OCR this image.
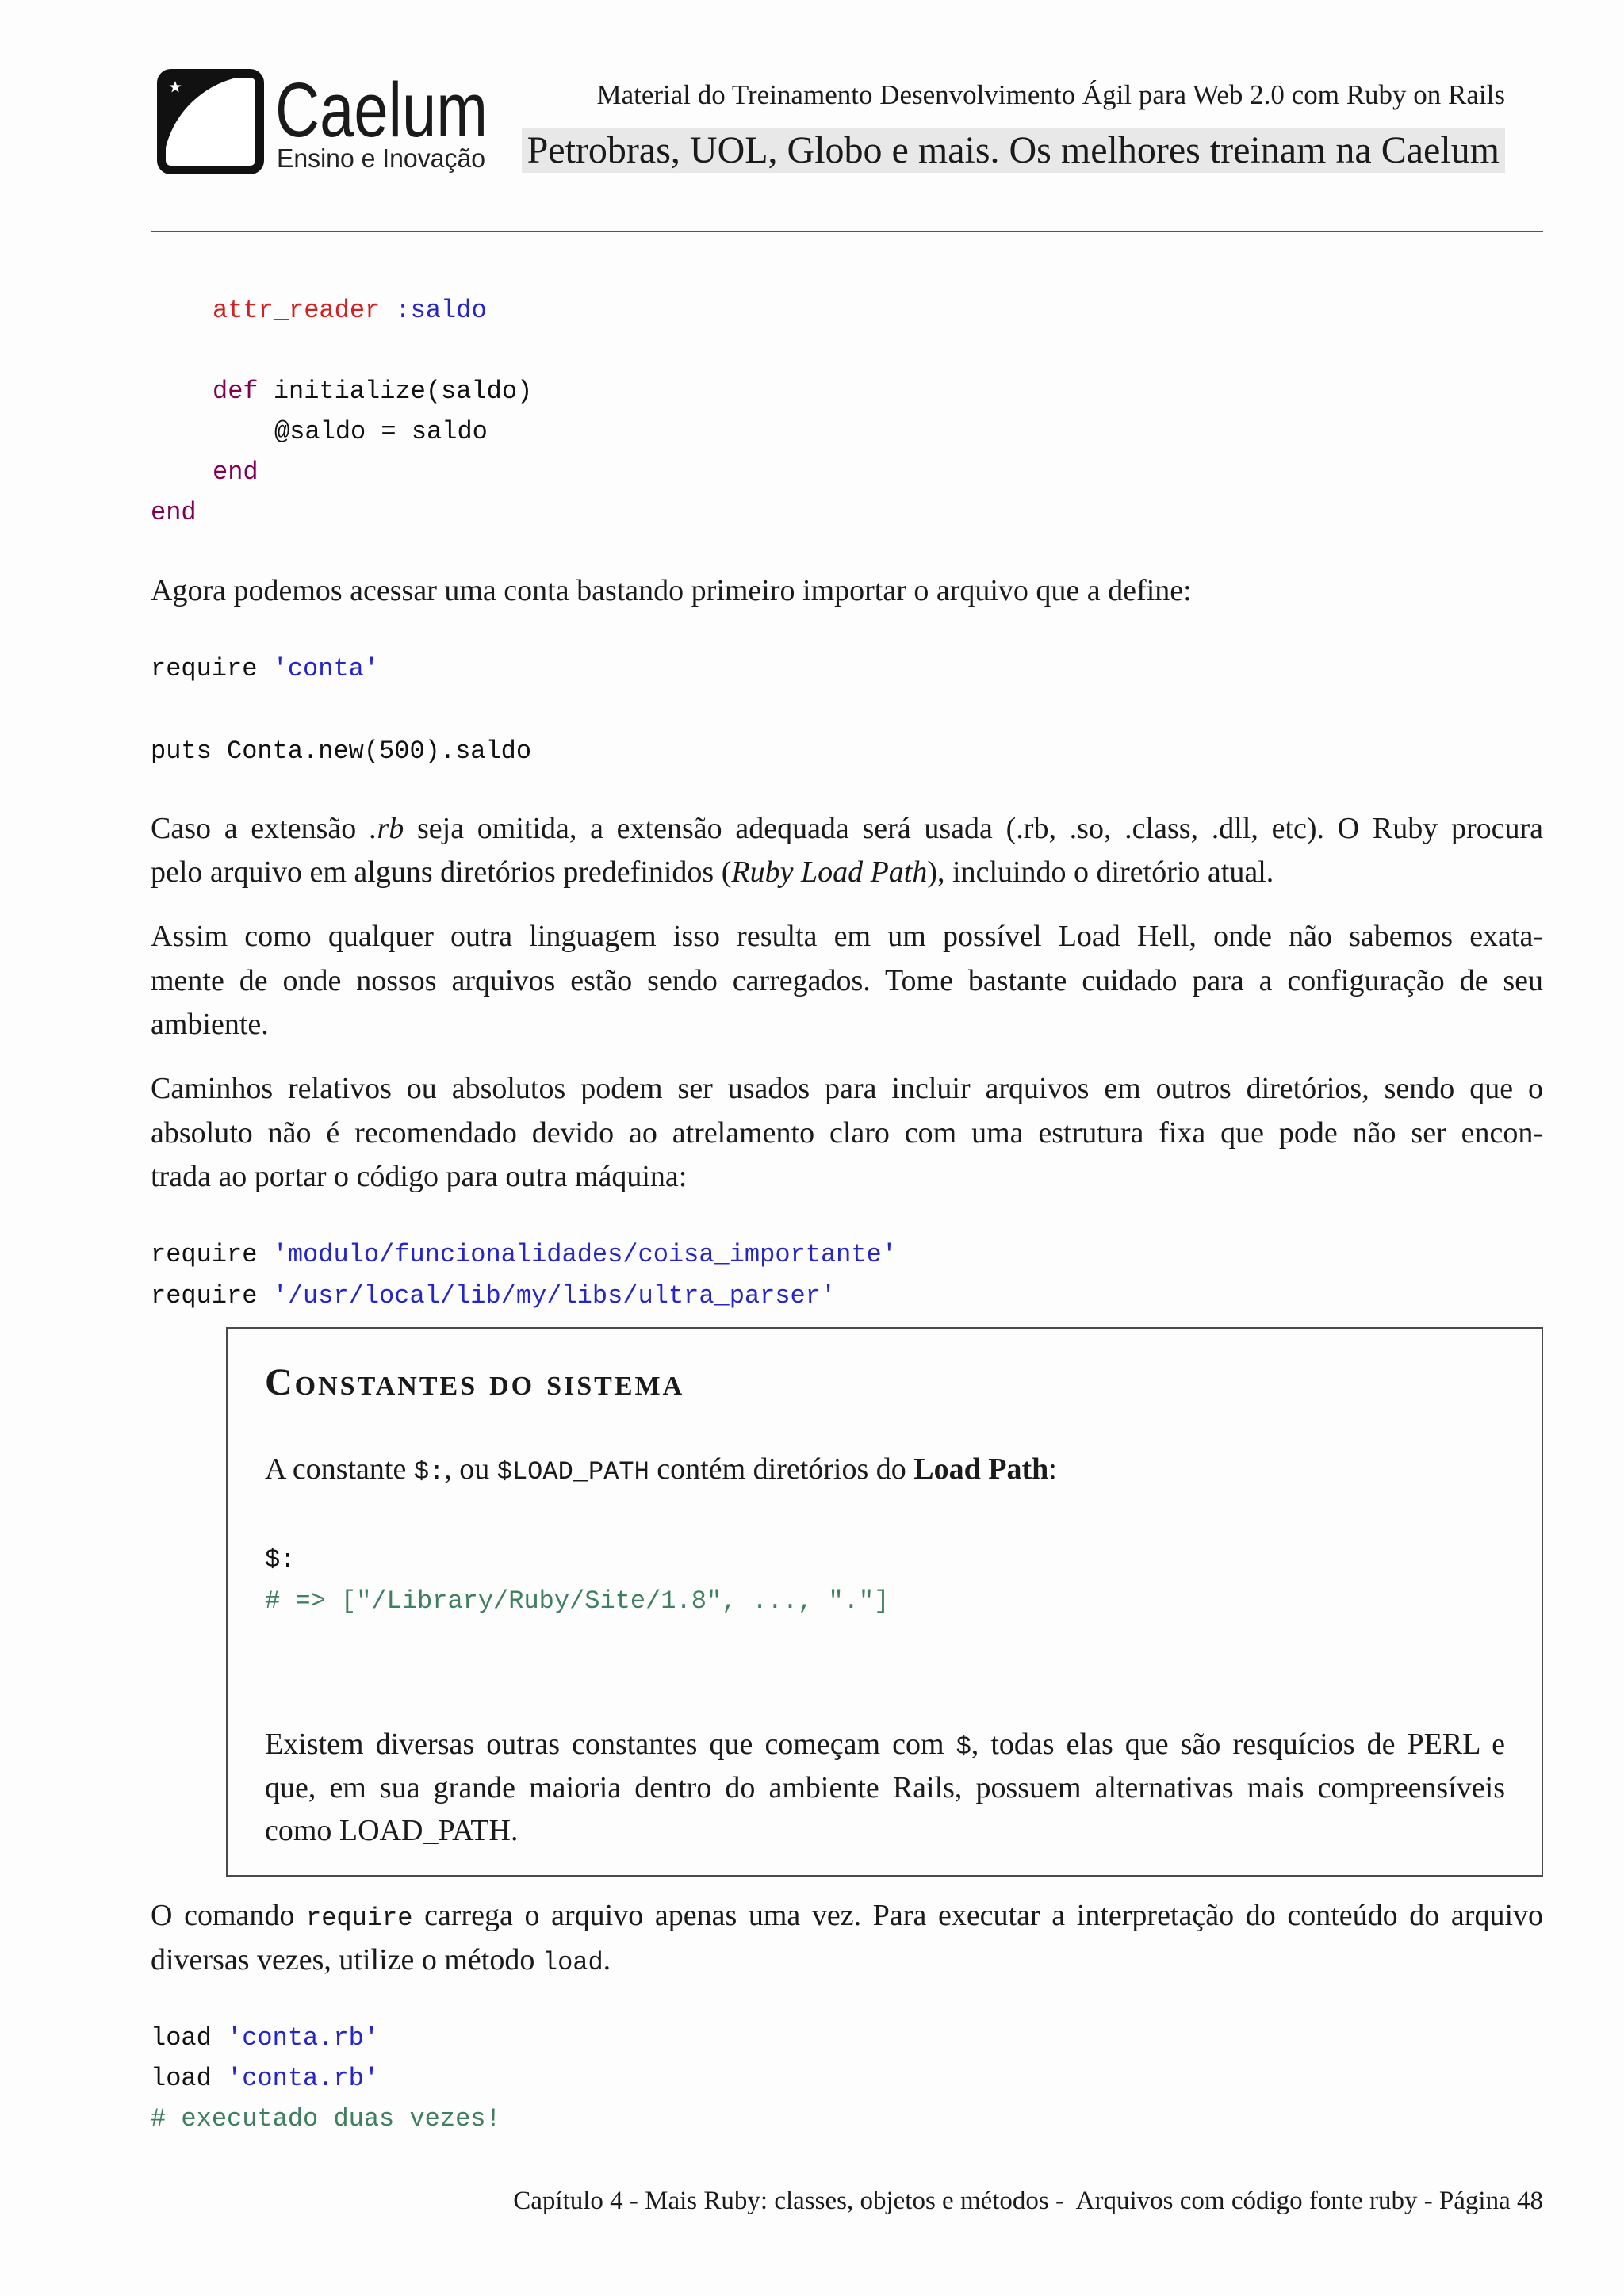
Caelum
Ensino e Inovação
Material do Treinamento Desenvolvimento Ágil para Web 2.0 com Ruby on Rails
Petrobras, UOL, Globo e mais. Os melhores treinam na Caelum
attr_reader :saldo
def initialize(saldo)
@saldo = saldo
end
end
Agora podemos acessar uma conta bastando primeiro importar o arquivo que a define:
require 'conta'
puts Conta.new(500).saldo
Caso a extensão .rb seja omitida, a extensão adequada será usada (.rb, .so, .class, .dll, etc). O Ruby procura
pelo arquivo em alguns diretórios predefinidos (Ruby Load Path), incluindo o diretório atual.
Assim como qualquer outra linguagem isso resulta em um possível Load Hell, onde não sabemos exata-
mente de onde nossos arquivos estão sendo carregados. Tome bastante cuidado para a configuração de seu
ambiente.
Caminhos relativos ou absolutos podem ser usados para incluir arquivos em outros diretórios, sendo que o
absoluto não é recomendado devido ao atrelamento claro com uma estrutura fixa que pode não ser encon-
trada ao portar o código para outra máquina:
require 'modulo/funcionalidades/coisa_importante'
require '/usr/local/lib/my/libs/ultra_parser'
Constantes do sistema
A constante $:, ou $LOAD_PATH contém diretórios do Load Path:
$:
# => ["/Library/Ruby/Site/1.8", ..., "."]
Existem diversas outras constantes que começam com $, todas elas que são resquícios de PERL e
que, em sua grande maioria dentro do ambiente Rails, possuem alternativas mais compreensíveis
como LOAD_PATH.
O comando require carrega o arquivo apenas uma vez. Para executar a interpretação do conteúdo do arquivo
diversas vezes, utilize o método load.
load 'conta.rb'
load 'conta.rb'
# executado duas vezes!
Capítulo 4 - Mais Ruby: classes, objetos e métodos -  Arquivos com código fonte ruby - Página 48
